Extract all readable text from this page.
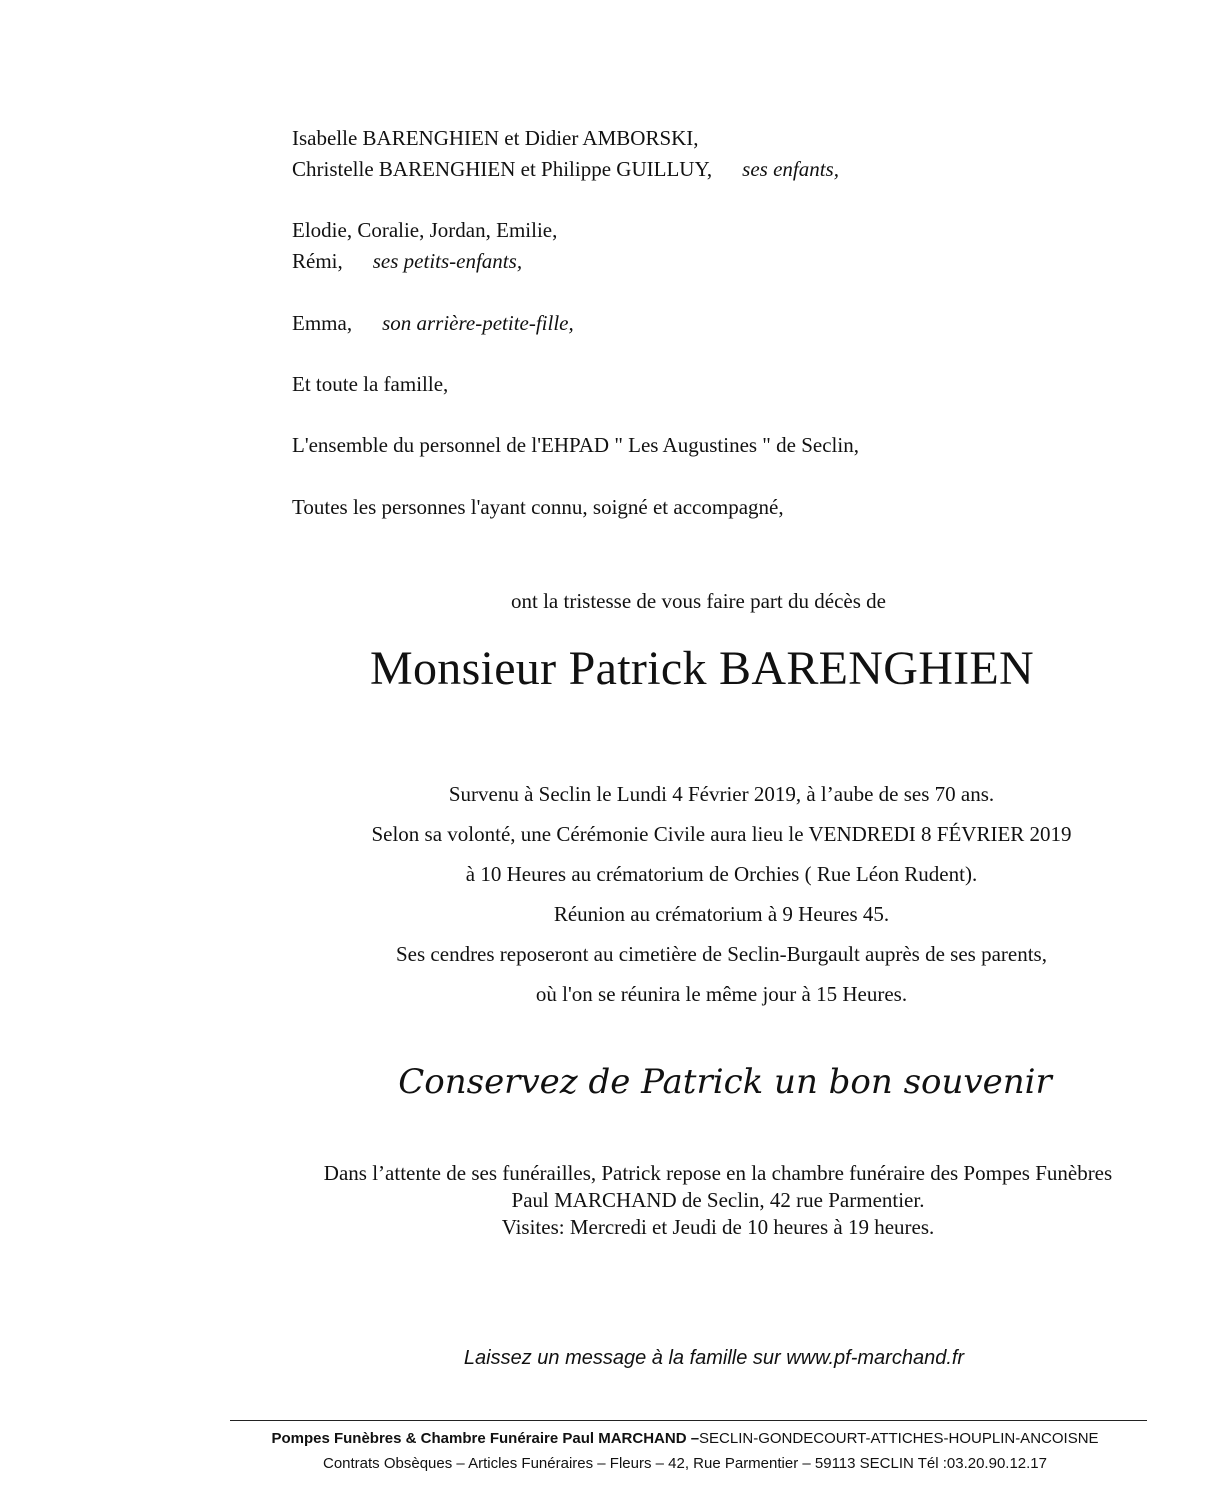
Isabelle BARENGHIEN et Didier AMBORSKI,
Christelle BARENGHIEN et Philippe GUILLUY, ses enfants,
Elodie, Coralie, Jordan, Emilie,
Rémi, ses petits-enfants,
Emma, son arrière-petite-fille,
Et toute la famille,
L'ensemble du personnel de l'EHPAD " Les Augustines " de Seclin,
Toutes les personnes l'ayant connu, soigné et accompagné,
ont la tristesse de vous faire part du décès de
Monsieur Patrick BARENGHIEN
Survenu à Seclin le Lundi 4 Février 2019, à l’aube de ses 70 ans.
Selon sa volonté, une Cérémonie Civile aura lieu le VENDREDI 8 FÉVRIER 2019
à 10 Heures au crématorium de Orchies ( Rue Léon Rudent).
Réunion au crématorium à 9 Heures 45.
Ses cendres reposeront au cimetière de Seclin-Burgault auprès de ses parents,
où l'on se réunira le même jour à 15 Heures.
Conservez de Patrick un bon souvenir
Dans l’attente de ses funérailles, Patrick repose en la chambre funéraire des Pompes Funèbres
Paul MARCHAND de Seclin, 42 rue Parmentier.
Visites: Mercredi et Jeudi de 10 heures à 19 heures.
Laissez un message à la famille sur www.pf-marchand.fr
Pompes Funèbres & Chambre Funéraire Paul MARCHAND –SECLIN-GONDECOURT-ATTICHES-HOUPLIN-ANCOISNE
Contrats Obsèques – Articles Funéraires – Fleurs – 42, Rue Parmentier – 59113 SECLIN Tél :03.20.90.12.17
